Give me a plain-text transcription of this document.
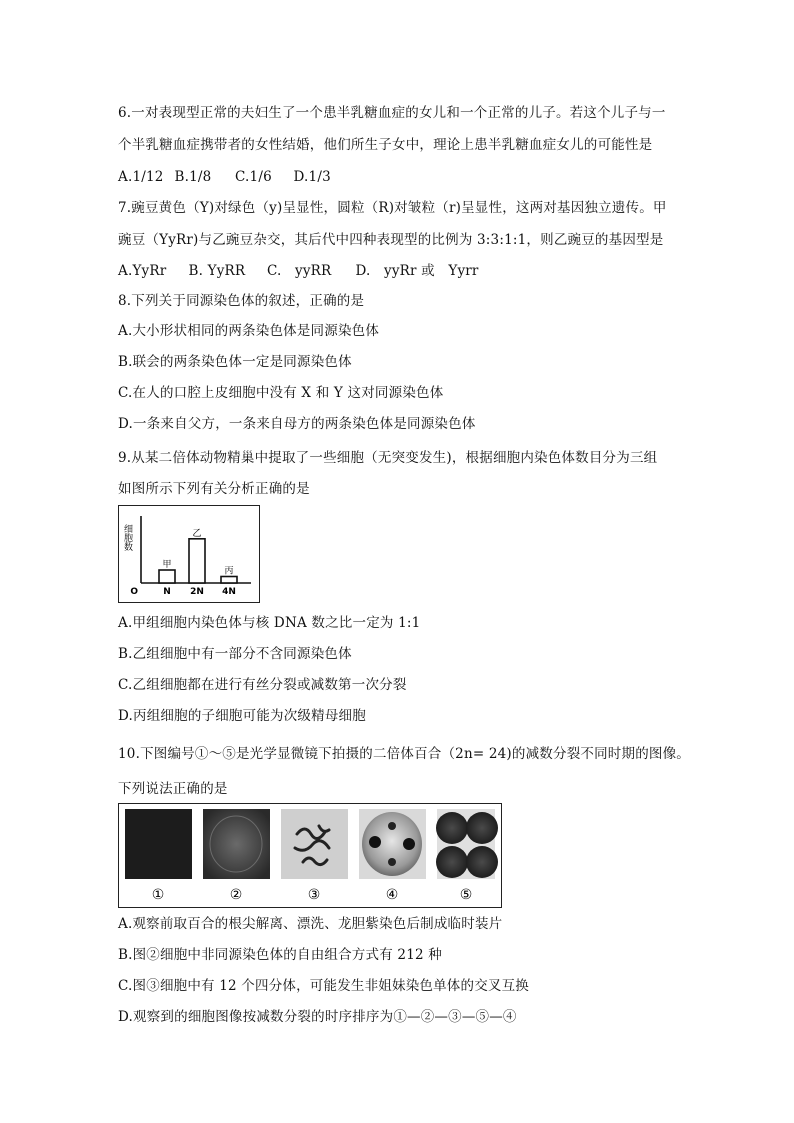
6.一对表现型正常的夫妇生了一个患半乳糖血症的女儿和一个正常的儿子。若这个儿子与一
个半乳糖血症携带者的女性结婚，他们所生子女中，理论上患半乳糖血症女儿的可能性是
A.1/12 B.1/8 C.1/6 D.1/3
7.豌豆黄色（Y)对绿色（y)呈显性，圆粒（R)对皱粒（r)呈显性，这两对基因独立遗传。甲
豌豆（YyRr)与乙豌豆杂交，其后代中四种表现型的比例为 3:3:1:1，则乙豌豆的基因型是
A.YyRr B. YyRR C.   yyRR D.   yyRr 或   Yyrr
8.下列关于同源染色体的叙述，正确的是
A.大小形状相同的两条染色体是同源染色体
B.联会的两条染色体一定是同源染色体
C.在人的口腔上皮细胞中没有 X 和 Y 这对同源染色体
D.一条来自父方，一条来自母方的两条染色体是同源染色体
9.从某二倍体动物精巢中提取了一些细胞（无突变发生)，根据细胞内染色体数目分为三组
如图所示下列有关分析正确的是
细胞数
O
甲
N
乙
2N
丙
4N
A.甲组细胞内染色体与核 DNA 数之比一定为 1:1
B.乙组细胞中有一部分不含同源染色体
C.乙组细胞都在进行有丝分裂或减数第一次分裂
D.丙组细胞的子细胞可能为次级精母细胞
10.下图编号①～⑤是光学显微镜下拍摄的二倍体百合（2n= 24)的减数分裂不同时期的图像。
下列说法正确的是
①	②	③	④	⑤
A.观察前取百合的根尖解离、漂洗、龙胆紫染色后制成临时装片
B.图②细胞中非同源染色体的自由组合方式有 212 种
C.图③细胞中有 12 个四分体，可能发生非姐妹染色单体的交叉互换
D.观察到的细胞图像按减数分裂的时序排序为①—②—③—⑤—④
